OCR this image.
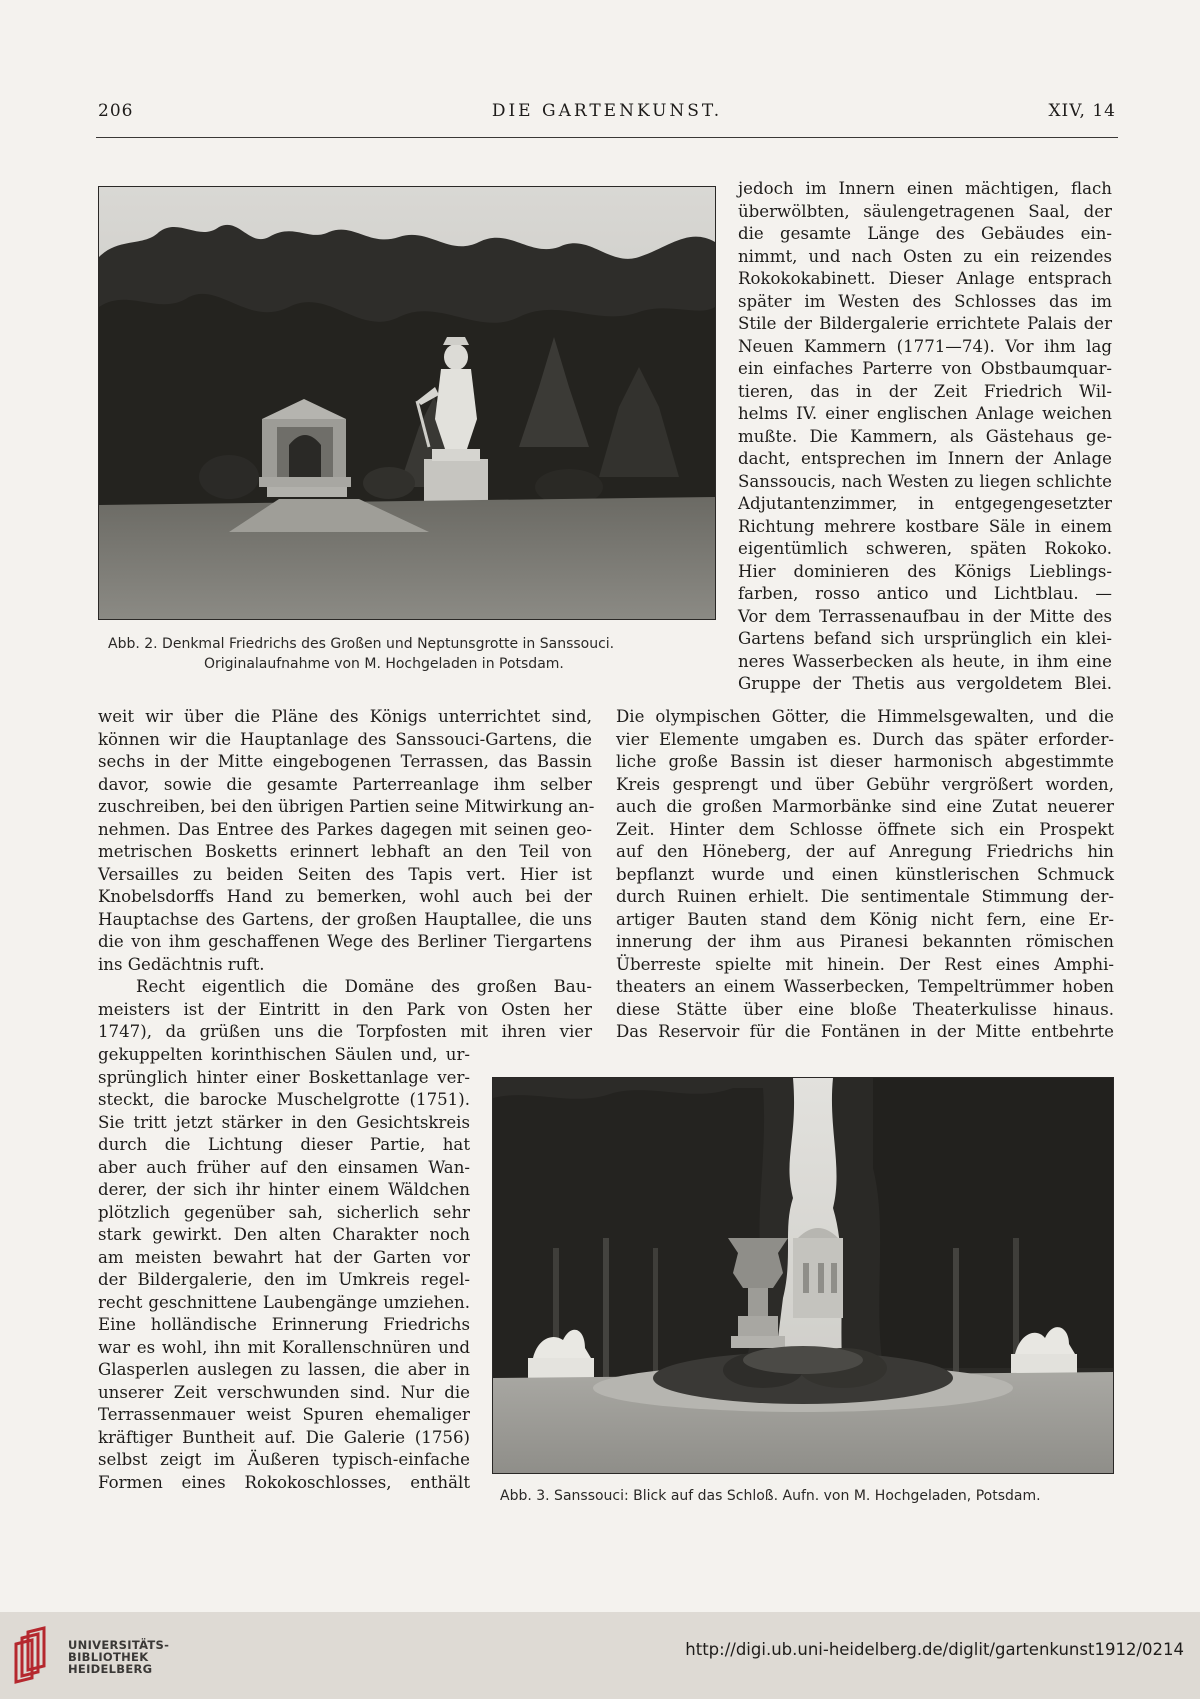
206	DIE GARTENKUNST.	XIV, 14
Abb. 2. Denkmal Friedrichs des Großen und Neptunsgrotte in Sanssouci.
Originalaufnahme von M. Hochgeladen in Potsdam.
jedoch im Innern einen mächtigen, flach
überwölbten, säulengetragenen Saal, der
die gesamte Länge des Gebäudes ein-
nimmt, und nach Osten zu ein reizendes
Rokokokabinett. Dieser Anlage entsprach
später im Westen des Schlosses das im
Stile der Bildergalerie errichtete Palais der
Neuen Kammern (1771—74). Vor ihm lag
ein einfaches Parterre von Obstbaumquar-
tieren, das in der Zeit Friedrich Wil-
helms IV. einer englischen Anlage weichen
mußte. Die Kammern, als Gästehaus ge-
dacht, entsprechen im Innern der Anlage
Sanssoucis, nach Westen zu liegen schlichte
Adjutantenzimmer, in entgegengesetzter
Richtung mehrere kostbare Säle in einem
eigentümlich schweren, späten Rokoko.
Hier dominieren des Königs Lieblings-
farben, rosso antico und Lichtblau. —
Vor dem Terrassenaufbau in der Mitte des
Gartens befand sich ursprünglich ein klei-
neres Wasserbecken als heute, in ihm eine
Gruppe der Thetis aus vergoldetem Blei.
weit wir über die Pläne des Königs unterrichtet sind,
können wir die Hauptanlage des Sanssouci-Gartens, die
sechs in der Mitte eingebogenen Terrassen, das Bassin
davor, sowie die gesamte Parterreanlage ihm selber
zuschreiben, bei den übrigen Partien seine Mitwirkung an-
nehmen. Das Entree des Parkes dagegen mit seinen geo-
metrischen Bosketts erinnert lebhaft an den Teil von
Versailles zu beiden Seiten des Tapis vert. Hier ist
Knobelsdorffs Hand zu bemerken, wohl auch bei der
Hauptachse des Gartens, der großen Hauptallee, die uns
die von ihm geschaffenen Wege des Berliner Tiergartens
ins Gedächtnis ruft.
Recht eigentlich die Domäne des großen Bau-
meisters ist der Eintritt in den Park von Osten her
1747), da grüßen uns die Torpfosten mit ihren vier
Die olympischen Götter, die Himmelsgewalten, und die
vier Elemente umgaben es. Durch das später erforder-
liche große Bassin ist dieser harmonisch abgestimmte
Kreis gesprengt und über Gebühr vergrößert worden,
auch die großen Marmorbänke sind eine Zutat neuerer
Zeit. Hinter dem Schlosse öffnete sich ein Prospekt
auf den Höneberg, der auf Anregung Friedrichs hin
bepflanzt wurde und einen künstlerischen Schmuck
durch Ruinen erhielt. Die sentimentale Stimmung der-
artiger Bauten stand dem König nicht fern, eine Er-
innerung der ihm aus Piranesi bekannten römischen
Überreste spielte mit hinein. Der Rest eines Amphi-
theaters an einem Wasserbecken, Tempeltrümmer hoben
diese Stätte über eine bloße Theaterkulisse hinaus.
Das Reservoir für die Fontänen in der Mitte entbehrte
gekuppelten korinthischen Säulen und, ur-
sprünglich hinter einer Boskettanlage ver-
steckt, die barocke Muschelgrotte (1751).
Sie tritt jetzt stärker in den Gesichtskreis
durch die Lichtung dieser Partie, hat
aber auch früher auf den einsamen Wan-
derer, der sich ihr hinter einem Wäldchen
plötzlich gegenüber sah, sicherlich sehr
stark gewirkt. Den alten Charakter noch
am meisten bewahrt hat der Garten vor
der Bildergalerie, den im Umkreis regel-
recht geschnittene Laubengänge umziehen.
Eine holländische Erinnerung Friedrichs
war es wohl, ihn mit Korallenschnüren und
Glasperlen auslegen zu lassen, die aber in
unserer Zeit verschwunden sind. Nur die
Terrassenmauer weist Spuren ehemaliger
kräftiger Buntheit auf. Die Galerie (1756)
selbst zeigt im Äußeren typisch-einfache
Formen eines Rokokoschlosses, enthält
Abb. 3. Sanssouci: Blick auf das Schloß. Aufn. von M. Hochgeladen, Potsdam.
UNIVERSITÄTS-
BIBLIOTHEK
HEIDELBERG
http://digi.ub.uni-heidelberg.de/diglit/gartenkunst1912/0214
